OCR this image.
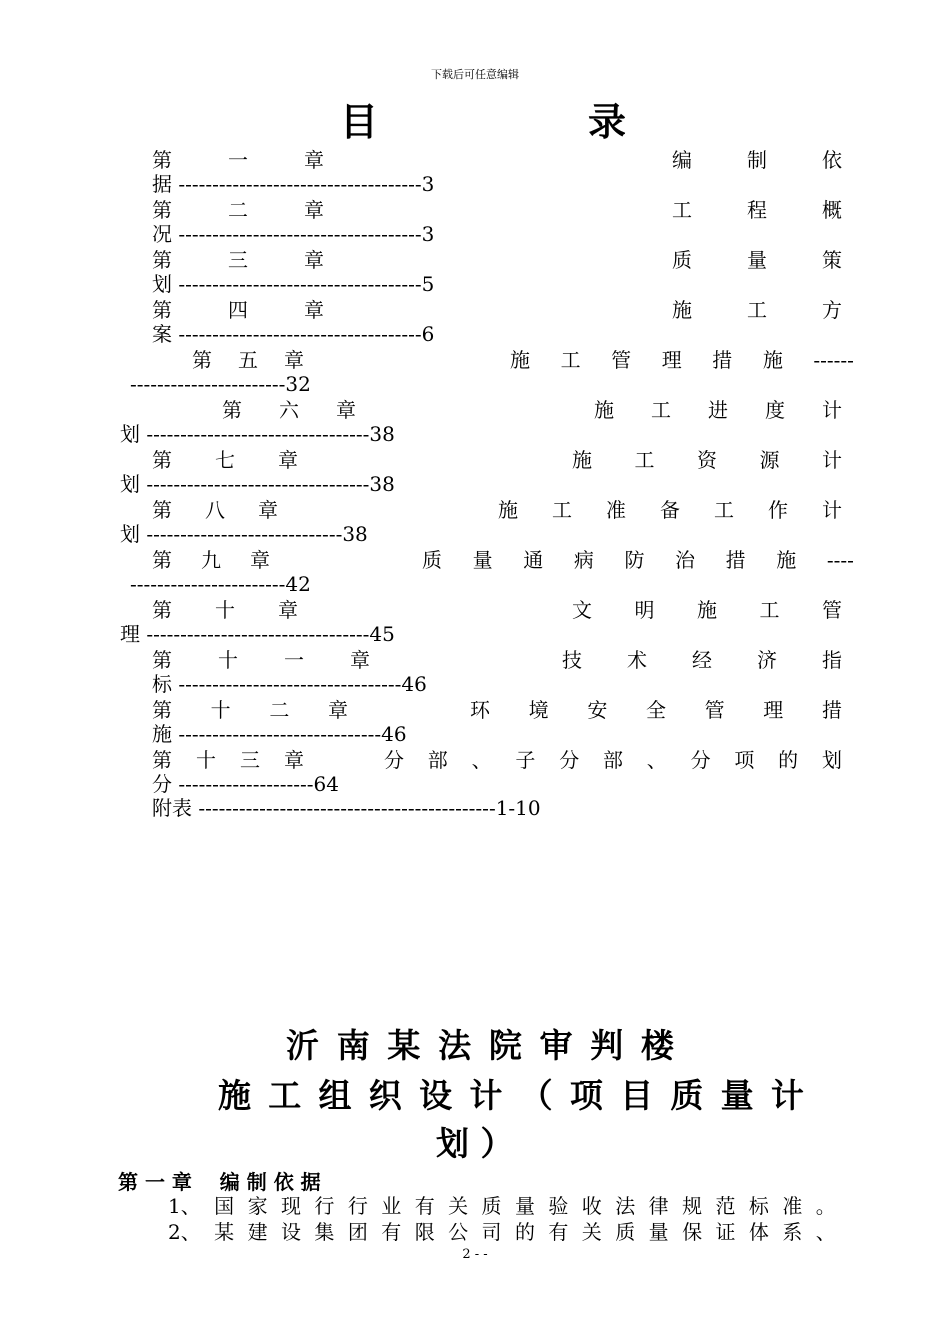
下载后可任意编辑
目	录
第	一	章	编	制	依
据 ------------------------------------3
第	二	章	工	程	概
况 ------------------------------------3
第	三	章	质	量	策
划 ------------------------------------5
第	四	章	施	工	方
案 ------------------------------------6
第 五 章	施 工 管 理 措 施 ------
-----------------------32
第 六 章	施 工 进 度 计
划 ---------------------------------38
第 七 章	施 工 资 源 计
划 ---------------------------------38
第 八 章	施 工 准 备 工 作 计
划 -----------------------------38
第 九 章	质 量 通 病 防 治 措 施 ----
-----------------------42
第 十 章	文 明 施 工 管
理 ---------------------------------45
第 十 一 章	技 术 经 济 指
标 ---------------------------------46
第 十 二 章	环 境 安 全 管 理 措
施 ------------------------------46
第 十 三 章	分 部 、 子 分 部 、 分 项 的 划
分 --------------------64
附表 --------------------------------------------1-10
沂 南 某 法 院 审 判 楼
施 工 组 织 设 计 （ 项 目 质 量 计
划 ）
第 一 章    编 制 依 据
1、 国 家 现 行 行 业 有 关 质 量 验 收 法 律 规 范 标 准 。
2、 某 建 设 集 团 有 限 公 司 的 有 关 质 量 保 证 体 系 、
2 - -
